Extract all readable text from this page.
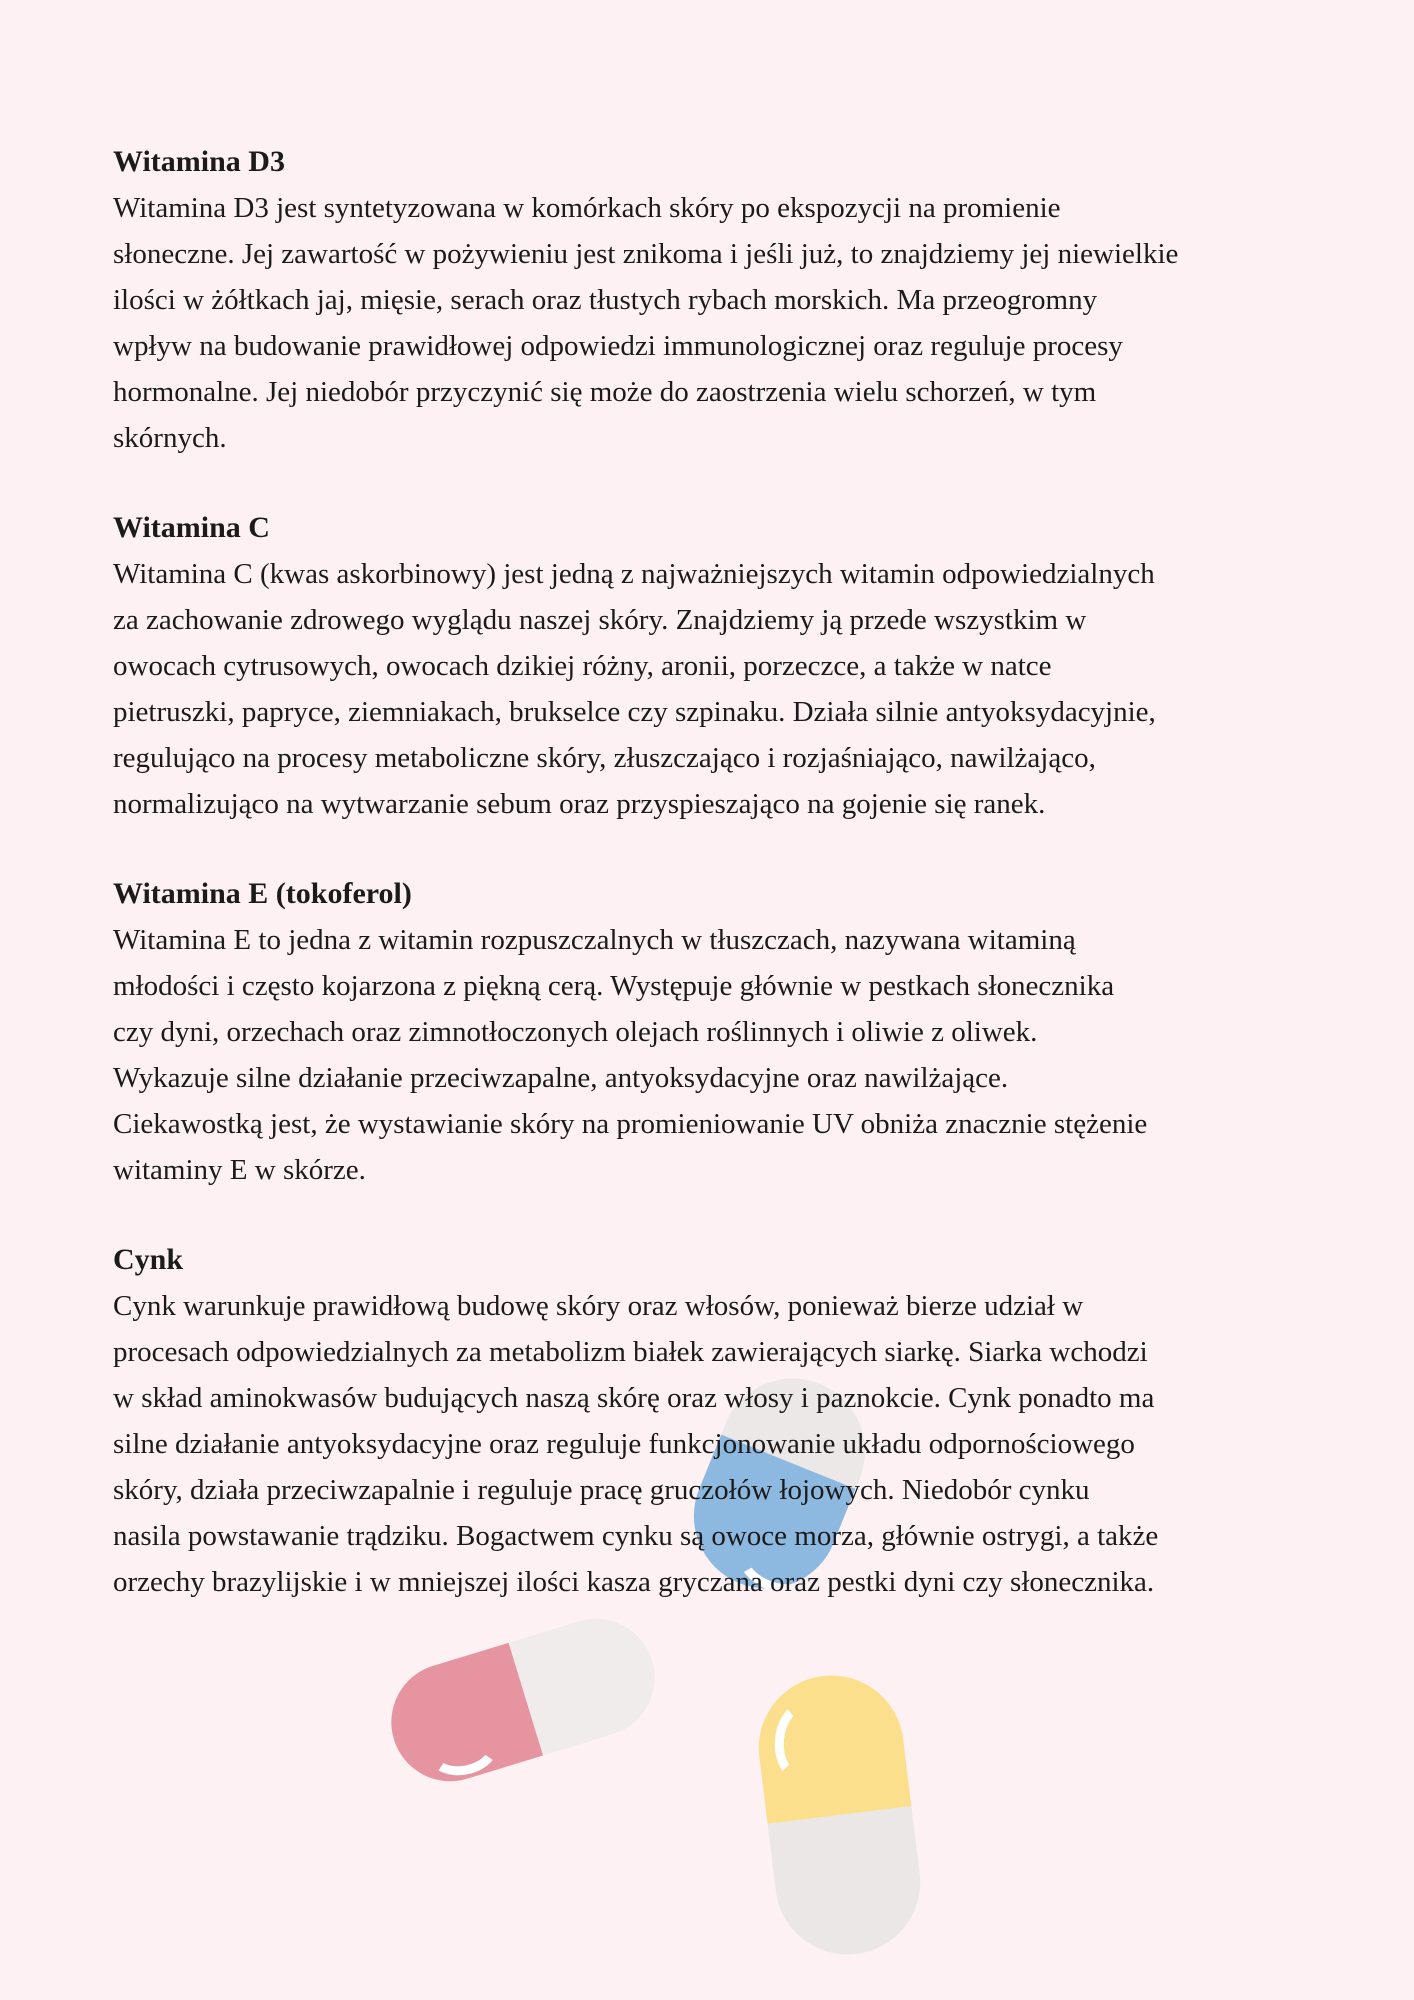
Witamina D3
Witamina D3 jest syntetyzowana w komórkach skóry po ekspozycji na promienie
słoneczne. Jej zawartość w pożywieniu jest znikoma i jeśli już, to znajdziemy jej niewielkie
ilości w żółtkach jaj, mięsie, serach oraz tłustych rybach morskich. Ma przeogromny
wpływ na budowanie prawidłowej odpowiedzi immunologicznej oraz reguluje procesy
hormonalne. Jej niedobór przyczynić się może do zaostrzenia wielu schorzeń, w tym
skórnych.
Witamina C
Witamina C (kwas askorbinowy) jest jedną z najważniejszych witamin odpowiedzialnych
za zachowanie zdrowego wyglądu naszej skóry. Znajdziemy ją przede wszystkim w
owocach cytrusowych, owocach dzikiej różny, aronii, porzeczce, a także w natce
pietruszki, papryce, ziemniakach, brukselce czy szpinaku. Działa silnie antyoksydacyjnie,
regulująco na procesy metaboliczne skóry, złuszczająco i rozjaśniająco, nawilżająco,
normalizująco na wytwarzanie sebum oraz przyspieszająco na gojenie się ranek.
Witamina E (tokoferol)
Witamina E to jedna z witamin rozpuszczalnych w tłuszczach, nazywana witaminą
młodości i często kojarzona z piękną cerą. Występuje głównie w pestkach słonecznika
czy dyni, orzechach oraz zimnotłoczonych olejach roślinnych i oliwie z oliwek.
Wykazuje silne działanie przeciwzapalne, antyoksydacyjne oraz nawilżające.
Ciekawostką jest, że wystawianie skóry na promieniowanie UV obniża znacznie stężenie
witaminy E w skórze.
Cynk
Cynk warunkuje prawidłową budowę skóry oraz włosów, ponieważ bierze udział w
procesach odpowiedzialnych za metabolizm białek zawierających siarkę. Siarka wchodzi
w skład aminokwasów budujących naszą skórę oraz włosy i paznokcie. Cynk ponadto ma
silne działanie antyoksydacyjne oraz reguluje funkcjonowanie układu odpornościowego
skóry, działa przeciwzapalnie i reguluje pracę gruczołów łojowych. Niedobór cynku
nasila powstawanie trądziku. Bogactwem cynku są owoce morza, głównie ostrygi, a także
orzechy brazylijskie i w mniejszej ilości kasza gryczana oraz pestki dyni czy słonecznika.
